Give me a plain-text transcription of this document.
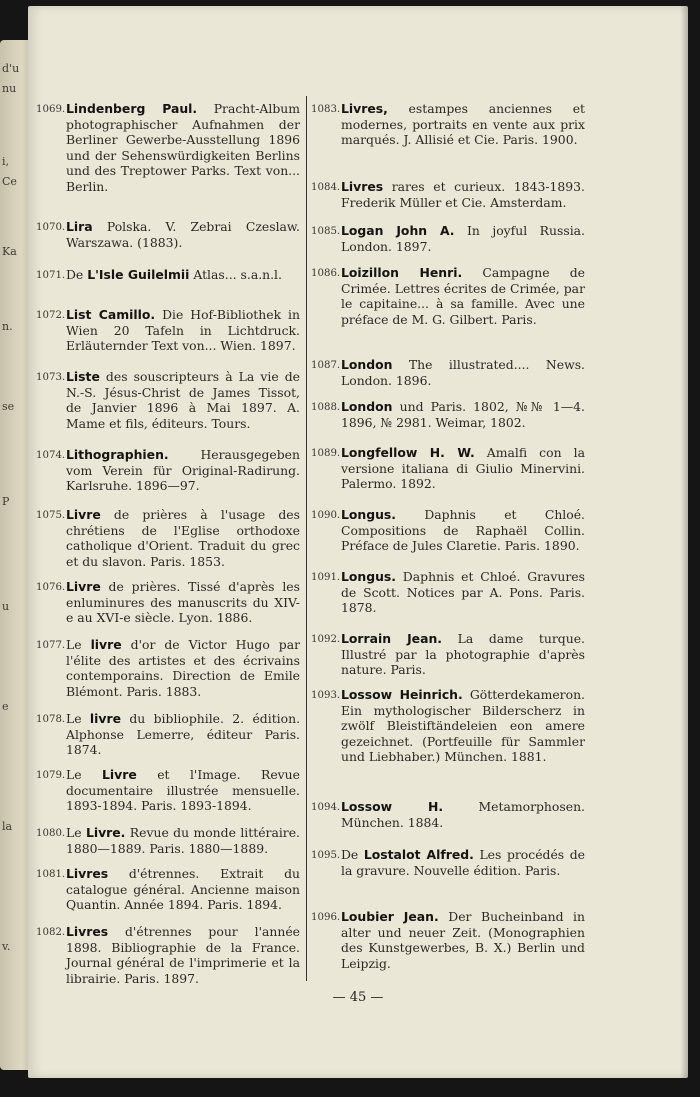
d'u
nu
i,
Ce
Ka
n.
se
P
u
e
la
v.
1069. Lindenberg Paul. Pracht-Album photographischer Aufnahmen der Berliner Gewerbe-Ausstellung 1896 und der Sehenswürdigkeiten Berlins und des Treptower Parks. Text von... Berlin.
1070. Lira Polska. V. Zebrai Czeslaw. Warszawa. (1883).
1071. De L'Isle Guilelmii Atlas... s.a.n.l.
1072. List Camillo. Die Hof-Bibliothek in Wien 20 Tafeln in Lichtdruck. Erläuternder Text von... Wien. 1897.
1073. Liste des souscripteurs à La vie de N.-S. Jésus-Christ de James Tissot, de Janvier 1896 à Mai 1897. A. Mame et fils, éditeurs. Tours.
1074. Lithographien. Herausgegeben vom Verein für Original-Radirung. Karlsruhe. 1896—97.
1075. Livre de prières à l'usage des chrétiens de l'Eglise orthodoxe catholique d'Orient. Traduit du grec et du slavon. Paris. 1853.
1076. Livre de prières. Tissé d'après les enluminures des manuscrits du XIV-e au XVI-e siècle. Lyon. 1886.
1077. Le livre d'or de Victor Hugo par l'élite des artistes et des écrivains contemporains. Direction de Emile Blémont. Paris. 1883.
1078. Le livre du bibliophile. 2. édition. Alphonse Lemerre, éditeur Paris. 1874.
1079. Le Livre et l'Image. Revue documentaire illustrée mensuelle. 1893-1894. Paris. 1893-1894.
1080. Le Livre. Revue du monde littéraire. 1880—1889. Paris. 1880—1889.
1081. Livres d'étrennes. Extrait du catalogue général. Ancienne maison Quantin. Année 1894. Paris. 1894.
1082. Livres d'étrennes pour l'année 1898. Bibliographie de la France. Journal général de l'imprimerie et la librairie. Paris. 1897.
1083. Livres, estampes anciennes et modernes, portraits en vente aux prix marqués. J. Allisié et Cie. Paris. 1900.
1084. Livres rares et curieux. 1843-1893. Frederik Müller et Cie. Amsterdam.
1085. Logan John A. In joyful Russia. London. 1897.
1086. Loizillon Henri. Campagne de Crimée. Lettres écrites de Crimée, par le capitaine... à sa famille. Avec une préface de M. G. Gilbert. Paris.
1087. London The illustrated.... News. London. 1896.
1088. London und Paris. 1802, №№ 1—4. 1896, № 2981. Weimar, 1802.
1089. Longfellow H. W. Amalfi con la versione italiana di Giulio Minervini. Palermo. 1892.
1090. Longus. Daphnis et Chloé. Compositions de Raphaël Collin. Préface de Jules Claretie. Paris. 1890.
1091. Longus. Daphnis et Chloé. Gravures de Scott. Notices par A. Pons. Paris. 1878.
1092. Lorrain Jean. La dame turque. Illustré par la photographie d'après nature. Paris.
1093. Lossow Heinrich. Götterdekameron. Ein mythologischer Bilderscherz in zwölf Bleistiftändeleien eon amere gezeichnet. (Portfeuille für Sammler und Liebhaber.) München. 1881.
1094. Lossow H. Metamorphosen. München. 1884.
1095. De Lostalot Alfred. Les procédés de la gravure. Nouvelle édition. Paris.
1096. Loubier Jean. Der Bucheinband in alter und neuer Zeit. (Monographien des Kunstgewerbes, B. X.) Berlin und Leipzig.
— 45 —
